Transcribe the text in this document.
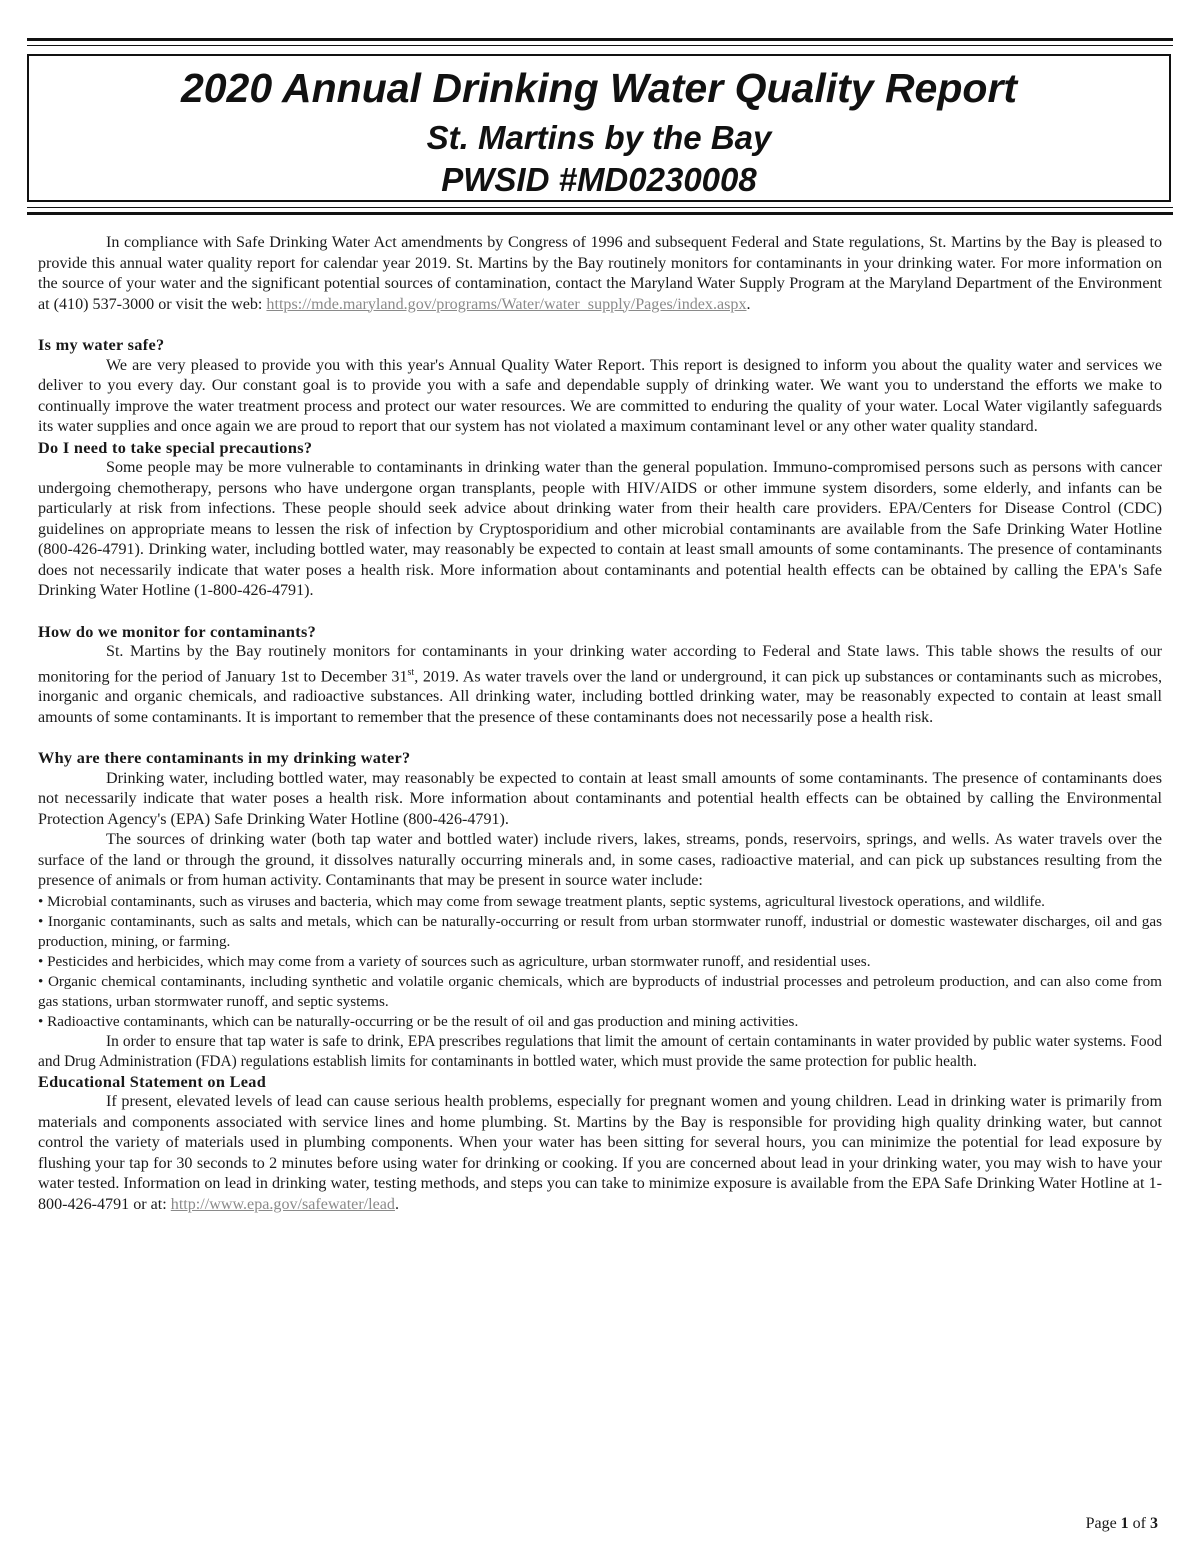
2020 Annual Drinking Water Quality Report
St. Martins by the Bay
PWSID #MD0230008

In compliance with Safe Drinking Water Act amendments by Congress of 1996 and subsequent Federal and State regulations, St. Martins by the Bay is pleased to provide this annual water quality report for calendar year 2019. St. Martins by the Bay routinely monitors for contaminants in your drinking water. For more information on the source of your water and the significant potential sources of contamination, contact the Maryland Water Supply Program at the Maryland Department of the Environment at (410) 537-3000 or visit the web: https://mde.maryland.gov/programs/Water/water_supply/Pages/index.aspx.

Is my water safe?

We are very pleased to provide you with this year's Annual Quality Water Report. This report is designed to inform you about the quality water and services we deliver to you every day. Our constant goal is to provide you with a safe and dependable supply of drinking water. We want you to understand the efforts we make to continually improve the water treatment process and protect our water resources. We are committed to enduring the quality of your water. Local Water vigilantly safeguards its water supplies and once again we are proud to report that our system has not violated a maximum contaminant level or any other water quality standard.

Do I need to take special precautions?

Some people may be more vulnerable to contaminants in drinking water than the general population. Immuno-compromised persons such as persons with cancer undergoing chemotherapy, persons who have undergone organ transplants, people with HIV/AIDS or other immune system disorders, some elderly, and infants can be particularly at risk from infections. These people should seek advice about drinking water from their health care providers. EPA/Centers for Disease Control (CDC) guidelines on appropriate means to lessen the risk of infection by Cryptosporidium and other microbial contaminants are available from the Safe Drinking Water Hotline (800-426-4791). Drinking water, including bottled water, may reasonably be expected to contain at least small amounts of some contaminants. The presence of contaminants does not necessarily indicate that water poses a health risk. More information about contaminants and potential health effects can be obtained by calling the EPA's Safe Drinking Water Hotline (1-800-426-4791).

How do we monitor for contaminants?

St. Martins by the Bay routinely monitors for contaminants in your drinking water according to Federal and State laws. This table shows the results of our monitoring for the period of January 1st to December 31st, 2019. As water travels over the land or underground, it can pick up substances or contaminants such as microbes, inorganic and organic chemicals, and radioactive substances. All drinking water, including bottled drinking water, may be reasonably expected to contain at least small amounts of some contaminants. It is important to remember that the presence of these contaminants does not necessarily pose a health risk.

Why are there contaminants in my drinking water?

Drinking water, including bottled water, may reasonably be expected to contain at least small amounts of some contaminants. The presence of contaminants does not necessarily indicate that water poses a health risk. More information about contaminants and potential health effects can be obtained by calling the Environmental Protection Agency's (EPA) Safe Drinking Water Hotline (800-426-4791).

The sources of drinking water (both tap water and bottled water) include rivers, lakes, streams, ponds, reservoirs, springs, and wells. As water travels over the surface of the land or through the ground, it dissolves naturally occurring minerals and, in some cases, radioactive material, and can pick up substances resulting from the presence of animals or from human activity. Contaminants that may be present in source water include:

• Microbial contaminants, such as viruses and bacteria, which may come from sewage treatment plants, septic systems, agricultural livestock operations, and wildlife.

• Inorganic contaminants, such as salts and metals, which can be naturally-occurring or result from urban stormwater runoff, industrial or domestic wastewater discharges, oil and gas production, mining, or farming.

• Pesticides and herbicides, which may come from a variety of sources such as agriculture, urban stormwater runoff, and residential uses.

• Organic chemical contaminants, including synthetic and volatile organic chemicals, which are byproducts of industrial processes and petroleum production, and can also come from gas stations, urban stormwater runoff, and septic systems.

• Radioactive contaminants, which can be naturally-occurring or be the result of oil and gas production and mining activities.

In order to ensure that tap water is safe to drink, EPA prescribes regulations that limit the amount of certain contaminants in water provided by public water systems. Food and Drug Administration (FDA) regulations establish limits for contaminants in bottled water, which must provide the same protection for public health.

Educational Statement on Lead

If present, elevated levels of lead can cause serious health problems, especially for pregnant women and young children. Lead in drinking water is primarily from materials and components associated with service lines and home plumbing. St. Martins by the Bay is responsible for providing high quality drinking water, but cannot control the variety of materials used in plumbing components. When your water has been sitting for several hours, you can minimize the potential for lead exposure by flushing your tap for 30 seconds to 2 minutes before using water for drinking or cooking. If you are concerned about lead in your drinking water, you may wish to have your water tested. Information on lead in drinking water, testing methods, and steps you can take to minimize exposure is available from the EPA Safe Drinking Water Hotline at 1-800-426-4791 or at: http://www.epa.gov/safewater/lead.

Page 1 of 3
